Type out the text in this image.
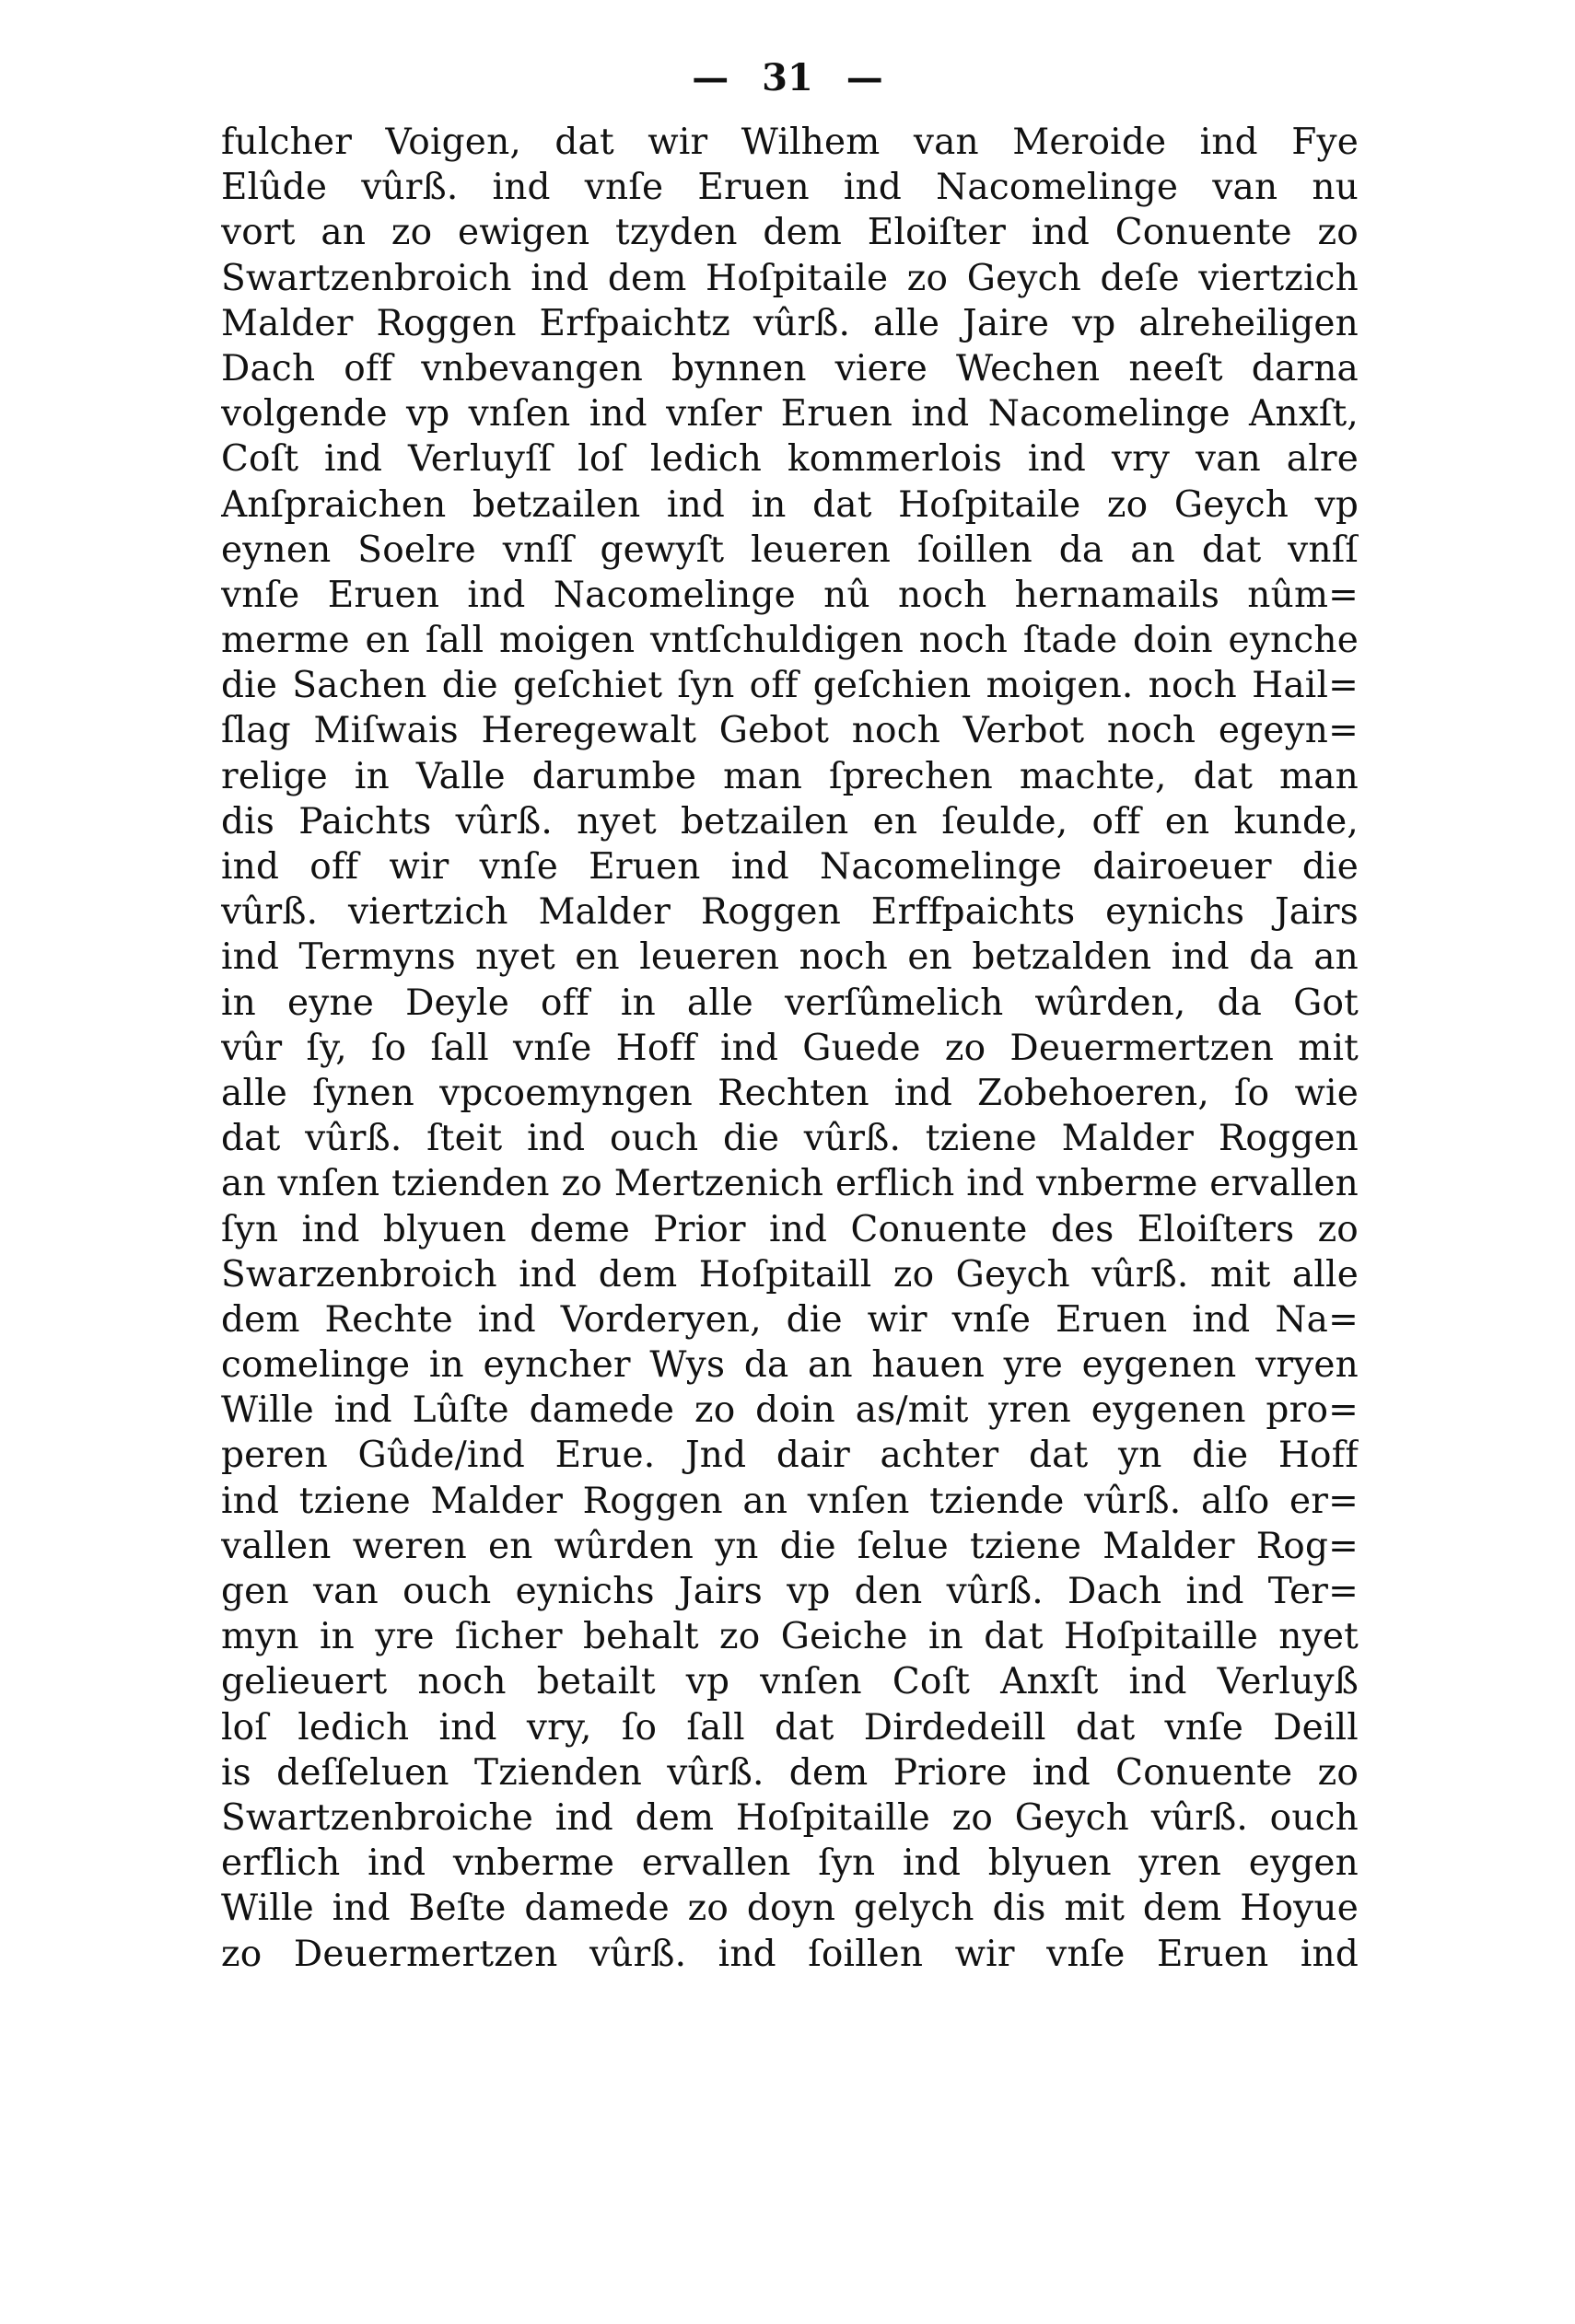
— 31 —
fulcher Voigen, dat wir Wilhem van Meroide ind Fye
Elûde vûrß. ind vnſe Eruen ind Nacomelinge van nu
vort an zo ewigen tzyden dem Eloiſter ind Conuente zo
Swartzenbroich ind dem Hoſpitaile zo Geych deſe viertzich
Malder Roggen Erfpaichtz vûrß. alle Jaire vp alreheiligen
Dach off vnbevangen bynnen viere Wechen neeſt darna
volgende vp vnſen ind vnſer Eruen ind Nacomelinge Anxſt,
Coſt ind Verluyſſ loſ ledich kommerlois ind vry van alre
Anſpraichen betzailen ind in dat Hoſpitaile zo Geych vp
eynen Soelre vnſſ gewyſt leueren ſoillen da an dat vnſſ
vnſe Eruen ind Nacomelinge nû noch hernamails nûm=
merme en ſall moigen vntſchuldigen noch ſtade doin eynche
die Sachen die geſchiet ſyn off geſchien moigen. noch Hail=
ſlag Miſwais Heregewalt Gebot noch Verbot noch egeyn=
relige in Valle darumbe man ſprechen machte, dat man
dis Paichts vûrß. nyet betzailen en ſeulde, off en kunde,
ind off wir vnſe Eruen ind Nacomelinge dairoeuer die
vûrß. viertzich Malder Roggen Erffpaichts eynichs Jairs
ind Termyns nyet en leueren noch en betzalden ind da an
in eyne Deyle off in alle verſûmelich wûrden, da Got
vûr ſy, ſo ſall vnſe Hoff ind Guede zo Deuermertzen mit
alle ſynen vpcoemyngen Rechten ind Zobehoeren, ſo wie
dat vûrß. ſteit ind ouch die vûrß. tziene Malder Roggen
an vnſen tzienden zo Mertzenich erflich ind vnberme ervallen
ſyn ind blyuen deme Prior ind Conuente des Eloiſters zo
Swarzenbroich ind dem Hoſpitaill zo Geych vûrß. mit alle
dem Rechte ind Vorderyen, die wir vnſe Eruen ind Na=
comelinge in eyncher Wys da an hauen yre eygenen vryen
Wille ind Lûſte damede zo doin as/mit yren eygenen pro=
peren Gûde/ind Erue. Jnd dair achter dat yn die Hoff
ind tziene Malder Roggen an vnſen tziende vûrß. alſo er=
vallen weren en wûrden yn die ſelue tziene Malder Rog=
gen van ouch eynichs Jairs vp den vûrß. Dach ind Ter=
myn in yre ſicher behalt zo Geiche in dat Hoſpitaille nyet
gelieuert noch betailt vp vnſen Coſt Anxſt ind Verluyß
loſ ledich ind vry, ſo ſall dat Dirdedeill dat vnſe Deill
is deſſeluen Tzienden vûrß. dem Priore ind Conuente zo
Swartzenbroiche ind dem Hoſpitaille zo Geych vûrß. ouch
erflich ind vnberme ervallen ſyn ind blyuen yren eygen
Wille ind Beſte damede zo doyn gelych dis mit dem Hoyue
zo Deuermertzen vûrß. ind ſoillen wir vnſe Eruen ind
